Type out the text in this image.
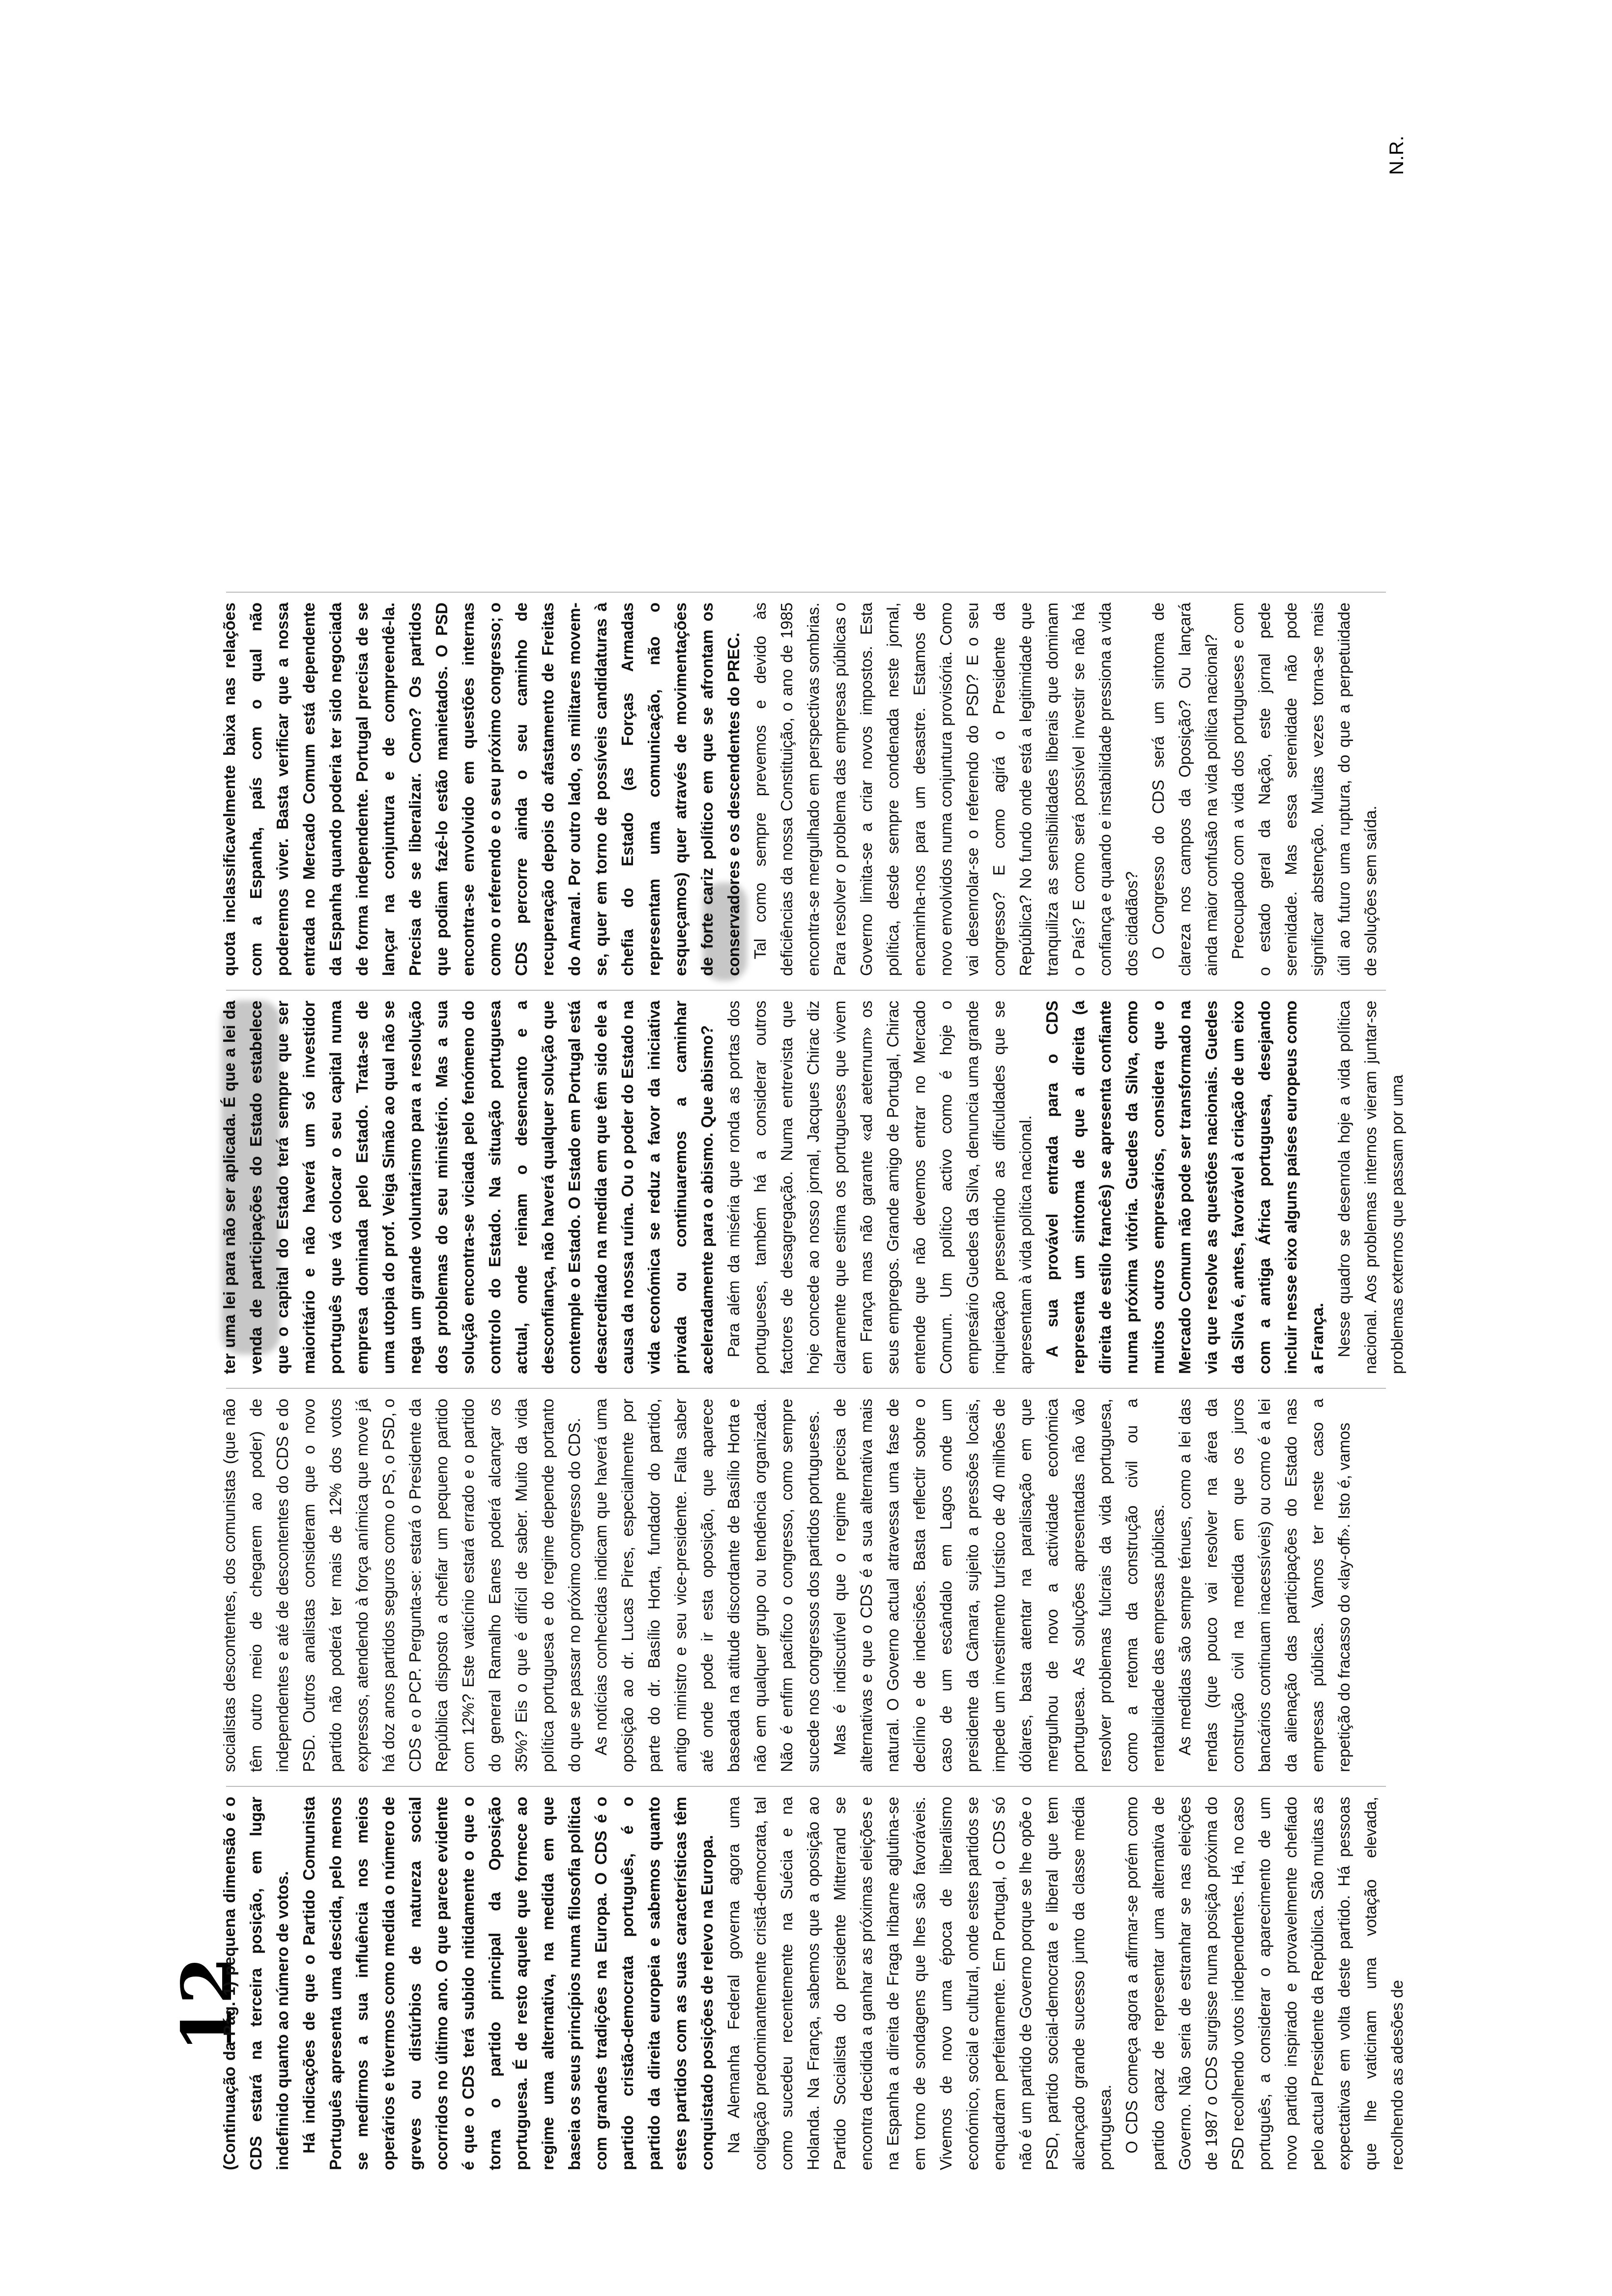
12

(Continuação da Pág. 1) pequena dimensão é o CDS estará na terceira posição, em lugar indefinido quanto ao número de votos. Há indicações de que o Partido Comunista Português apresenta uma descida, pelo menos se medirmos a sua influência nos meios operários e tivermos como medida o número de greves ou distúrbios de natureza social ocorridos no último ano. O que parece evidente é que o CDS terá subido nitidamente o que o torna o partido principal da Oposição portuguesa. É de resto aquele que fornece ao regime uma alternativa, na medida em que baseia os seus princípios numa filosofia política com grandes tradições na Europa. O CDS é o partido cristão-democrata português, é o partido da direita europeia e sabemos quanto estes partidos com as suas características têm conquistado posições de relevo na Europa. Na Alemanha Federal governa agora uma coligação predominantemente cristã-democrata, tal como sucedeu recentemente na Suécia e na Holanda. Na França, sabemos que a oposição ao Partido Socialista do presidente Mitterrand se encontra decidida a ganhar as próximas eleições e na Espanha a direita de Fraga Iribarne aglutina-se em torno de sondagens que lhes são favoráveis. Vivemos de novo uma época de liberalismo económico, social e cultural, onde estes partidos se enquadram perfeitamente. Em Portugal, o CDS só não é um partido de Governo porque se lhe opõe o PSD, partido social-democrata e liberal que tem alcançado grande sucesso junto da classe média portuguesa. O CDS começa agora a afirmar-se porém como partido capaz de representar uma alternativa de Governo. Não seria de estranhar se nas eleições de 1987 o CDS surgisse numa posição próxima do PSD recolhendo votos independentes. Há, no caso português, a considerar o aparecimento de um novo partido inspirado e provavelmente chefiado pelo actual Presidente da República. São muitas as expectativas em volta deste partido. Há pessoas que lhe vaticinam uma votação elevada, recolhendo as adesões de

socialistas descontentes, dos comunistas (que não têm outro meio de chegarem ao poder) de independentes e até de descontentes do CDS e do PSD. Outros analistas consideram que o novo partido não poderá ter mais de 12% dos votos expressos, atendendo à força anímica que move já há doz anos partidos seguros como o PS, o PSD, o CDS e o PCP. Pergunta-se: estará o Presidente da República disposto a chefiar um pequeno partido com 12%? Este vaticínio estará errado e o partido do general Ramalho Eanes poderá alcançar os 35%? Eis o que é difícil de saber. Muito da vida política portuguesa e do regime depende portanto do que se passar no próximo congresso do CDS. As notícias conhecidas indicam que haverá uma oposição ao dr. Lucas Pires, especialmente por parte do dr. Basílio Horta, fundador do partido, antigo ministro e seu vice-presidente. Falta saber até onde pode ir esta oposição, que aparece baseada na atitude discordante de Basílio Horta e não em qualquer grupo ou tendência organizada. Não é enfim pacífico o congresso, como sempre sucede nos congressos dos partidos portugueses. Mas é indiscutível que o regime precisa de alternativas e que o CDS é a sua alternativa mais natural. O Governo actual atravessa uma fase de declínio e de indecisões. Basta reflectir sobre o caso de um escândalo em Lagos onde um presidente da Câmara, sujeito a pressões locais, impede um investimento turístico de 40 milhões de dólares, basta atentar na paralisação em que mergulhou de novo a actividade económica portuguesa. As soluções apresentadas não vão resolver problemas fulcrais da vida portuguesa, como a retoma da construção civil ou a rentabilidade das empresas públicas. As medidas são sempre ténues, como a lei das rendas (que pouco vai resolver na área da construção civil na medida em que os juros bancários continuam inacessíveis) ou como é a lei da alienação das participações do Estado nas empresas públicas. Vamos ter neste caso a repetição do fracasso do «lay-off». Isto é, vamos

ter uma lei para não ser aplicada. É que a lei da venda de participações do Estado estabelece que o capital do Estado terá sempre que ser maioritário e não haverá um só investidor português que vá colocar o seu capital numa empresa dominada pelo Estado. Trata-se de uma utopia do prof. Veiga Simão ao qual não se nega um grande voluntarismo para a resolução dos problemas do seu ministério. Mas a sua solução encontra-se viciada pelo fenómeno do controlo do Estado. Na situação portuguesa actual, onde reinam o desencanto e a desconfiança, não haverá qualquer solução que contemple o Estado. O Estado em Portugal está desacreditado na medida em que têm sido ele a causa da nossa ruína. Ou o poder do Estado na vida económica se reduz a favor da iniciativa privada ou continuaremos a caminhar aceleradamente para o abismo. Que abismo? Para além da miséria que ronda as portas dos portugueses, também há a considerar outros factores de desagregação. Numa entrevista que hoje concede ao nosso jornal, Jacques Chirac diz claramente que estima os portugueses que vivem em França mas não garante «ad aeternum» os seus empregos. Grande amigo de Portugal, Chirac entende que não devemos entrar no Mercado Comum. Um político activo como é hoje o empresário Guedes da Silva, denuncia uma grande inquietação pressentindo as dificuldades que se apresentam à vida política nacional. A sua provável entrada para o CDS representa um sintoma de que a direita (a direita de estilo francês) se apresenta confiante numa próxima vitória. Guedes da Silva, como muitos outros empresários, considera que o Mercado Comum não pode ser transformado na via que resolve as questões nacionais. Guedes da Silva é, antes, favorável à criação de um eixo com a antiga África portuguesa, desejando incluir nesse eixo alguns países europeus como a França. Nesse quadro se desenrola hoje a vida política nacional. Aos problemas internos vieram juntar-se problemas externos que passam por uma

quota inclassificavelmente baixa nas relações com a Espanha, país com o qual não poderemos viver. Basta verificar que a nossa entrada no Mercado Comum está dependente da Espanha quando poderia ter sido negociada de forma independente. Portugal precisa de se lançar na conjuntura e de compreendê-la. Precisa de se liberalizar. Como? Os partidos que podiam fazê-lo estão manietados. O PSD encontra-se envolvido em questões internas como o referendo e o seu próximo congresso; o CDS percorre ainda o seu caminho de recuperação depois do afastamento de Freitas do Amaral. Por outro lado, os militares movem-se, quer em torno de possíveis candidaturas à chefia do Estado (as Forças Armadas representam uma comunicação, não o esqueçamos) quer através de movimentações de forte cariz político em que se afrontam os conservadores e os descendentes do PREC. Tal como sempre prevemos e devido às deficiências da nossa Constituição, o ano de 1985 encontra-se mergulhado em perspectivas sombrias. Para resolver o problema das empresas públicas o Governo limita-se a criar novos impostos. Esta política, desde sempre condenada neste jornal, encaminha-nos para um desastre. Estamos de novo envolvidos numa conjuntura provisória. Como vai desenrolar-se o referendo do PSD? E o seu congresso? E como agirá o Presidente da República? No fundo onde está a legitimidade que tranquiliza as sensibilidades liberais que dominam o País? E como será possível investir se não há confiança e quando e instabilidade pressiona a vida dos cidadãos? O Congresso do CDS será um sintoma de clareza nos campos da Oposição? Ou lançará ainda maior confusão na vida política nacional? Preocupado com a vida dos portugueses e com o estado geral da Nação, este jornal pede serenidade. Mas essa serenidade não pode significar abstenção. Muitas vezes torna-se mais útil ao futuro uma ruptura, do que a perpetuidade de soluções sem saída.

N.R.
